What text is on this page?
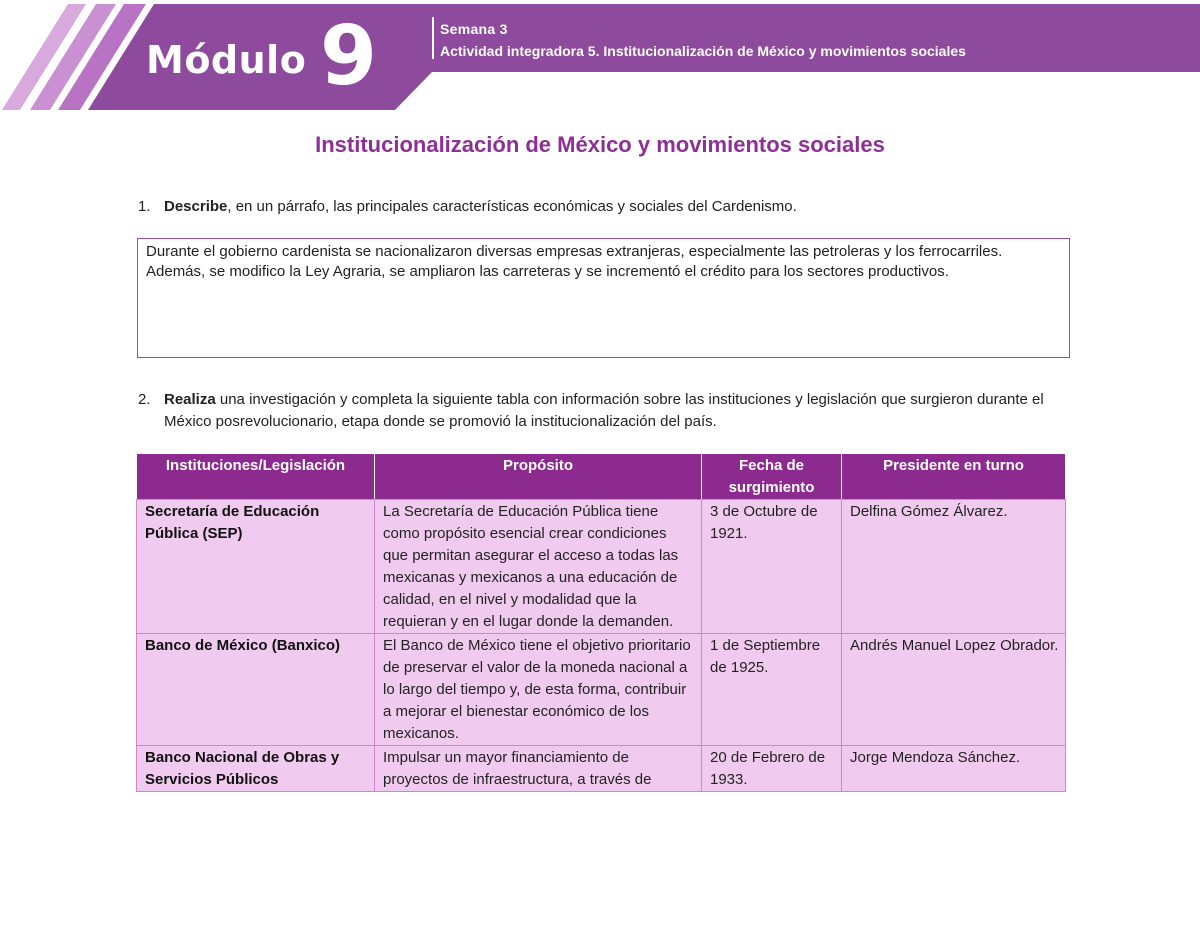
Módulo 9	Semana 3
Actividad integradora 5. Institucionalización de México y movimientos sociales
Institucionalización de México y movimientos sociales
1. Describe, en un párrafo, las principales características económicas y sociales del Cardenismo.
Durante el gobierno cardenista se nacionalizaron diversas empresas extranjeras, especialmente las petroleras y los ferrocarriles. Además, se modifico la Ley Agraria, se ampliaron las carreteras y se incrementó el crédito para los sectores productivos.
2. Realiza una investigación y completa la siguiente tabla con información sobre las instituciones y legislación que surgieron durante el México posrevolucionario, etapa donde se promovió la institucionalización del país.
Instituciones/Legislación	Propósito	Fecha de surgimiento	Presidente en turno
Secretaría de Educación Pública (SEP)	La Secretaría de Educación Pública tiene como propósito esencial crear condiciones que permitan asegurar el acceso a todas las mexicanas y mexicanos a una educación de calidad, en el nivel y modalidad que la requieran y en el lugar donde la demanden.	3 de Octubre de 1921.	Delfina Gómez Álvarez.
Banco de México (Banxico)	El Banco de México tiene el objetivo prioritario de preservar el valor de la moneda nacional a lo largo del tiempo y, de esta forma, contribuir a mejorar el bienestar económico de los mexicanos.	1 de Septiembre de 1925.	Andrés Manuel Lopez Obrador.
Banco Nacional de Obras y Servicios Públicos	Impulsar un mayor financiamiento de proyectos de infraestructura, a través de	20 de Febrero de 1933.	Jorge Mendoza Sánchez.
